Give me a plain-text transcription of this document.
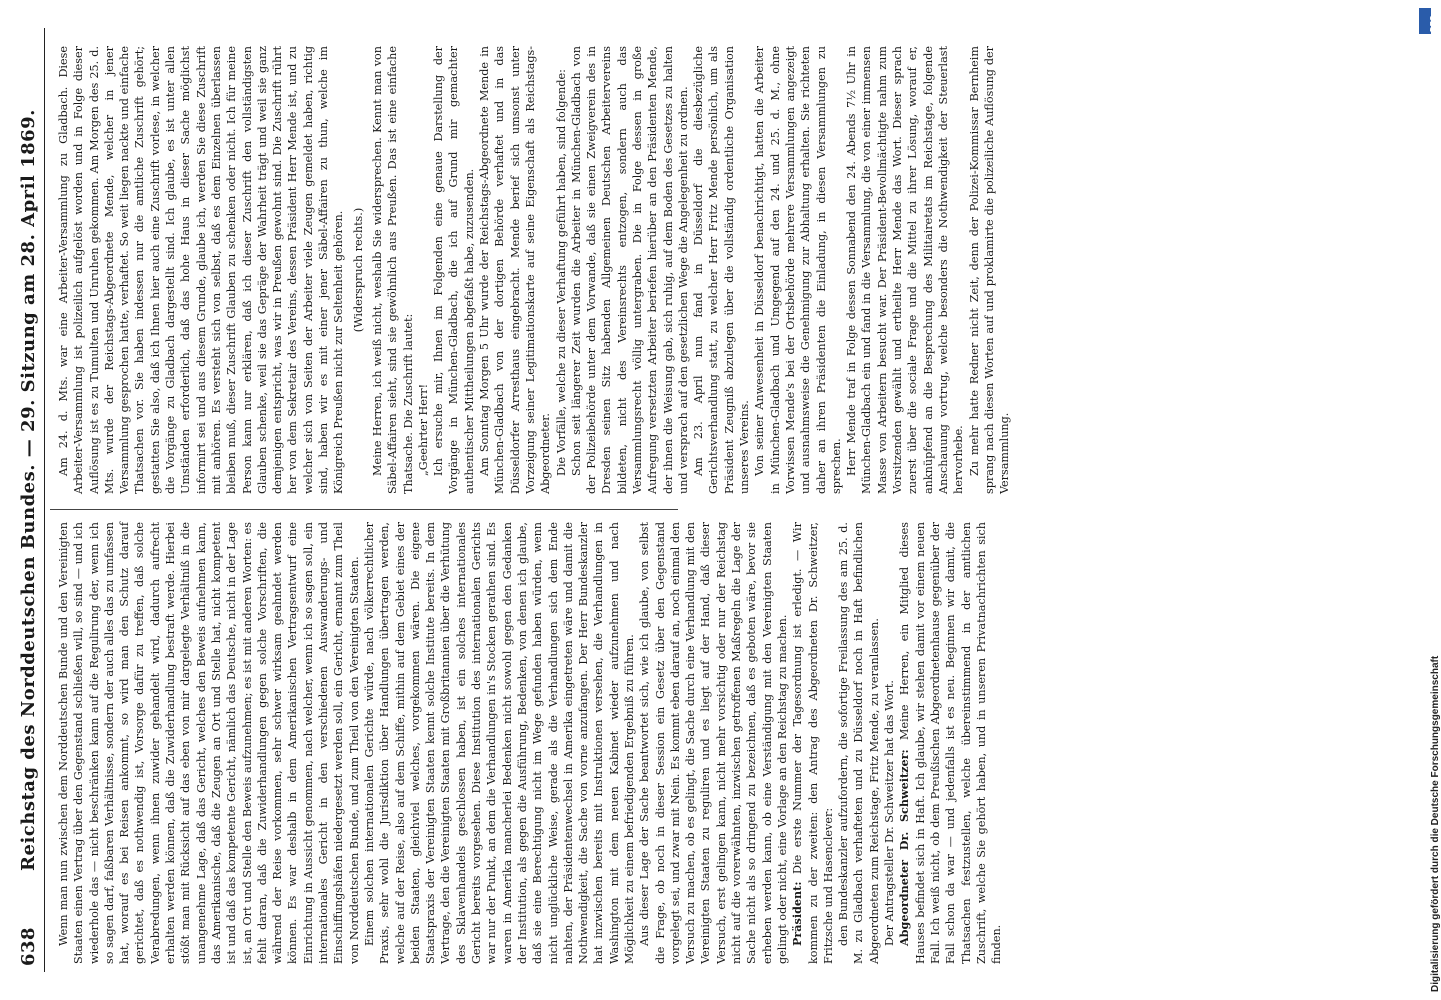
638
Reichstag des Norddeutschen Bundes. — 29. Sitzung am 28. April 1869. Wenn man nun zwischen dem Norddeutschen Bunde und den Vereinigten Staaten einen Vertrag über den Gegenstand schließen will, so sind — und ich wiederhole das — nicht beschränken kann auf die Regulirung der, wenn ich so sagen darf, faßbaren Verhältnisse, sondern der auch alles das zu umfassen hat, worauf es bei Reisen ankommt, so wird man den Schutz darauf gerichtet, daß es nothwendig ist, Vorsorge dafür zu treffen, daß solche Verabredungen, wenn ihnen zuwider gehandelt wird, dadurch aufrecht erhalten werden können, daß die Zuwiderhandlung bestraft werde. Hierbei stößt man mit Rücksicht auf das eben von mir dargelegte Verhältniß in die unangenehme Lage, daß das Gericht, welches den Beweis aufnehmen kann, das Amerikanische, daß die Zeugen an Ort und Stelle hat, nicht kompetent ist und daß das kompetente Gericht, nämlich das Deutsche, nicht in der Lage ist, an Ort und Stelle den Beweis aufzunehmen; es ist mit anderen Worten: es fehlt daran, daß die Zuwiderhandlungen gegen solche Vorschriften, die während der Reise vorkommen, sehr schwer wirksam geahndet werden können. Es war deshalb in dem Amerikanischen Vertragsentwurf eine Einrichtung in Aussicht genommen, nach welcher, wenn ich so sagen soll, ein internationales Gericht in den verschiedenen Auswanderungs- und Einschiffungshäfen niedergesetzt werden soll, ein Gericht, ernannt zum Theil von Norddeutschen Bunde, und zum Theil von den Vereinigten Staaten. Einem solchen internationalen Gerichte würde, nach völkerrechtlicher Praxis, sehr wohl die Jurisdiktion über Handlungen übertragen werden, welche auf der Reise, also auf dem Schiffe, mithin auf dem Gebiet eines der beiden Staaten, gleichviel welches, vorgekommen wären. Die eigene Staatspraxis der Vereinigten Staaten kennt solche Institute bereits. In dem Vertrage, den die Vereinigten Staaten mit Großbritannien über die Verhütung des Sklavenhandels geschlossen haben, ist ein solches internationales Gericht bereits vorgesehen. Diese Institution des internationalen Gerichts war nur der Punkt, an dem die Verhandlungen in's Stocken gerathen sind. Es waren in Amerika mancherlei Bedenken nicht sowohl gegen den Gedanken der Institution, als gegen die Ausführung, Bedenken, von denen ich glaube, daß sie eine Berechtigung nicht im Wege gefunden haben würden, wenn nicht unglückliche Weise, gerade als die Verhandlungen sich dem Ende nahten, der Präsidentenwechsel in Amerika eingetreten wäre und damit die Nothwendigkeit, die Sache von vorne anzufangen. Der Herr Bundeskanzler hat inzwischen bereits mit Instruktionen versehen, die Verhandlungen in Washington mit dem neuen Kabinet wieder aufzunehmen und nach Möglichkeit zu einem befriedigenden Ergebniß zu führen. Aus dieser Lage der Sache beantwortet sich, wie ich glaube, von selbst die Frage, ob noch in dieser Session ein Gesetz über den Gegenstand vorgelegt sei, und zwar mit Nein. Es kommt eben darauf an, noch einmal den Versuch zu machen, ob es gelingt, die Sache durch eine Verhandlung mit den Vereinigten Staaten zu reguliren und es liegt auf der Hand, daß dieser Versuch, erst gelingen kann, nicht mehr vorsichtig oder nur der Reichstag nicht auf die vorerwähnten, inzwischen getroffenen Maßregeln die Lage der Sache nicht als so dringend zu bezeichnen, daß es geboten wäre, bevor sie erheben werden kann, ob eine Verständigung mit den Vereinigten Staaten gelingt oder nicht, eine Vorlage an den Reichstag zu machen. Präsident: Die erste Nummer der Tagesordnung ist erledigt. — Wir kommen zu der zweiten: den Antrag des Abgeordneten Dr. Schweitzer, Fritzsche und Hasenclever: den Bundeskanzler aufzufordern, die sofortige Freilassung des am 25. d. M. zu Gladbach verhafteten und zu Düsseldorf noch in Haft befindlichen Abgeordneten zum Reichstage, Fritz Mende, zu veranlassen. Der Antragsteller Dr. Schweitzer hat das Wort. Abgeordneter Dr. Schweitzer: Meine Herren, ein Mitglied dieses Hauses befindet sich in Haft. Ich glaube, wir stehen damit vor einem neuen Fall. Ich weiß nicht, ob dem Preußischen Abgeordnetenhause gegenüber der Fall schon da war — und jedenfalls ist es neu. Beginnen wir damit, die Thatsachen festzustellen, welche übereinstimmend in der amtlichen Zuschrift, welche Sie gehört haben, und in unseren Privatnachrichten sich finden.

Am 24. d. Mts. war eine Arbeiter-Versammlung zu Gladbach. Diese Arbeiter-Versammlung ist polizeilich aufgelöst worden und in Folge dieser Auflösung ist es zu Tumulten und Unruhen gekommen. Am Morgen des 25. d. Mts. wurde der Reichstags-Abgeordnete Mende, welcher in jener Versammlung gesprochen hatte, verhaftet. So weit liegen nackte und einfache Thatsachen vor. Sie haben indessen nur die amtliche Zuschrift gehört; gestatten Sie also, daß ich Ihnen hier auch eine Zuschrift vorlese, in welcher die Vorgänge zu Gladbach dargestellt sind. Ich glaube, es ist unter allen Umständen erforderlich, daß das hohe Haus in dieser Sache möglichst informirt sei und aus diesem Grunde, glaube ich, werden Sie diese Zuschrift mit anhören. Es versteht sich von selbst, daß es dem Einzelnen überlassen bleiben muß, dieser Zuschrift Glauben zu schenken oder nicht. Ich für meine Person kann nur erklären, daß ich dieser Zuschrift den vollständigsten Glauben schenke, weil sie das Gepräge der Wahrheit trägt und weil sie ganz demjenigen entspricht, was wir in Preußen gewohnt sind. Die Zuschrift rührt her von dem Sekretair des Vereins, dessen Präsident Herr Mende ist, und zu welcher sich von Seiten der Arbeiter viele Zeugen gemeldet haben, richtig sind, haben wir es mit einer jener Säbel-Affairen zu thun, welche im Königreich Preußen nicht zur Seltenheit gehören. (Widerspruch rechts.) Meine Herren, ich weiß nicht, weshalb Sie widersprechen. Kennt man von Säbel-Affairen sieht, sind sie gewöhnlich aus Preußen. Das ist eine einfache Thatsache. Die Zuschrift lautet: „Geehrter Herr! Ich ersuche mir, Ihnen im Folgenden eine genaue Darstellung der Vorgänge in München-Gladbach, die ich auf Grund mir gemachter authentischer Mittheilungen abgefaßt habe, zuzusenden. Am Sonntag Morgen 5 Uhr wurde der Reichstags-Abgeordnete Mende in München-Gladbach von der dortigen Behörde verhaftet und in das Düsseldorfer Arresthaus eingebracht. Mende berief sich umsonst unter Vorzeigung seiner Legitimationskarte auf seine Eigenschaft als Reichstags-Abgeordneter. Die Vorfälle, welche zu dieser Verhaftung geführt haben, sind folgende: Schon seit längerer Zeit wurden die Arbeiter in München-Gladbach von der Polizeibehörde unter dem Vorwande, daß sie einen Zweigverein des in Dresden seinen Sitz habenden Allgemeinen Deutschen Arbeitervereins bildeten, nicht des Vereinsrechts entzogen, sondern auch das Versammlungsrecht völlig untergraben. Die in Folge dessen in große Aufregung versetzten Arbeiter beriefen hierüber an den Präsidenten Mende, der ihnen die Weisung gab, sich ruhig, auf dem Boden des Gesetzes zu halten und versprach auf den gesetzlichen Wege die Angelegenheit zu ordnen. Am 23. April nun fand in Düsseldorf die diesbezügliche Gerichtsverhandlung statt, zu welcher Herr Fritz Mende persönlich, um als Präsident Zeugniß abzulegen über die vollständig ordentliche Organisation unseres Vereins. Von seiner Anwesenheit in Düsseldorf benachrichtigt, hatten die Arbeiter in München-Gladbach und Umgegend auf den 24. und 25. d. M., ohne Vorwissen Mende's bei der Ortsbehörde mehrere Versammlungen angezeigt und ausnahmsweise die Genehmigung zur Abhaltung erhalten. Sie richteten daher an ihren Präsidenten die Einladung, in diesen Versammlungen zu sprechen. Herr Mende traf in Folge dessen Sonnabend den 24. Abends 7½ Uhr in München-Gladbach ein und fand in die Versammlung, die von einer immensen Masse von Arbeitern besucht war. Der Präsident-Bevollmächtigte nahm zum Vorsitzenden gewählt und ertheilte Herr Mende das Wort. Dieser sprach zuerst über die sociale Frage und die Mittel zu ihrer Lösung, worauf er, anknüpfend an die Besprechung des Militairetats im Reichstage, folgende Anschauung vortrug, welche besonders die Nothwendigkeit der Steuerlast hervorhebe. Zu mehr hatte Redner nicht Zeit, denn der Polizei-Kommissar Bernheim sprang nach diesen Worten auf und proklamirte die polizeiliche Auflösung der Versammlung.

DFG
Digitalisierung gefördert durch die Deutsche Forschungsgemeinschaft
